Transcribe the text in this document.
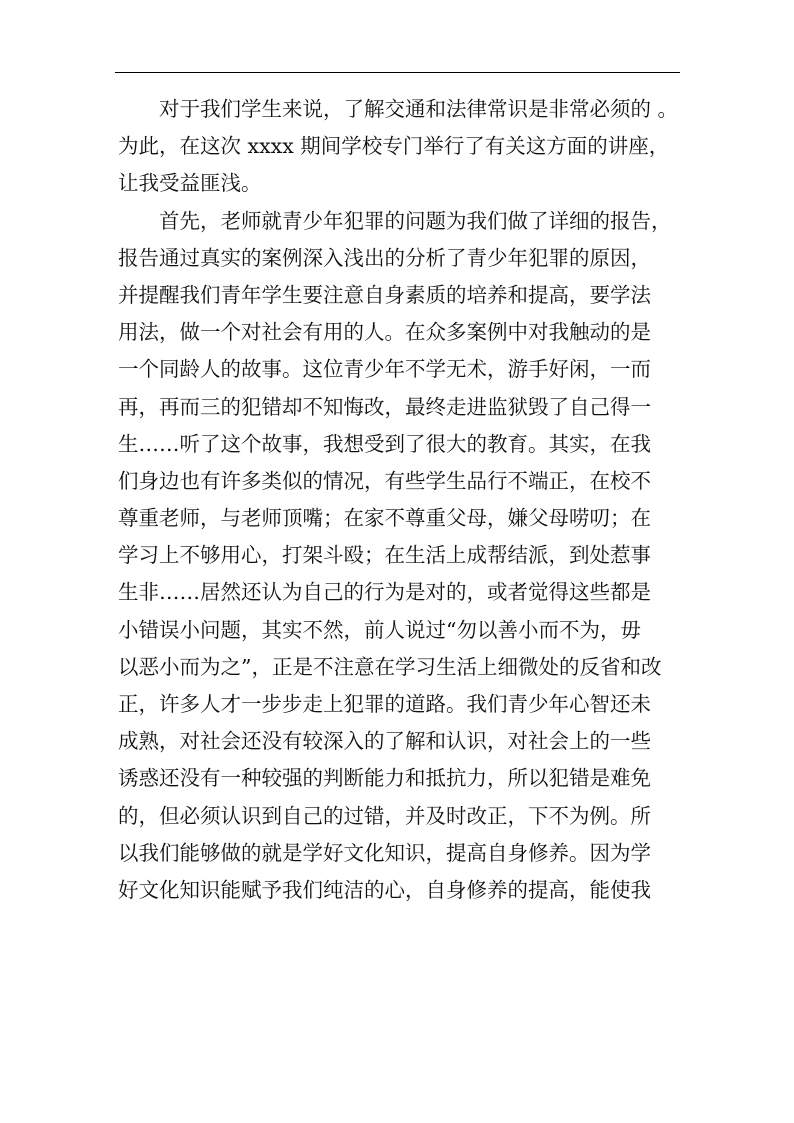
对于我们学生来说，了解交通和法律常识是非常必须的 。
为此，在这次 xxxx 期间学校专门举行了有关这方面的讲座，
让我受益匪浅。
首先，老师就青少年犯罪的问题为我们做了详细的报告，
报告通过真实的案例深入浅出的分析了青少年犯罪的原因，
并提醒我们青年学生要注意自身素质的培养和提高，要学法
用法，做一个对社会有用的人。在众多案例中对我触动的是
一个同龄人的故事。这位青少年不学无术，游手好闲，一而
再，再而三的犯错却不知悔改，最终走进监狱毁了自己得一
生……听了这个故事，我想受到了很大的教育。其实，在我
们身边也有许多类似的情况，有些学生品行不端正，在校不
尊重老师，与老师顶嘴；在家不尊重父母，嫌父母唠叨；在
学习上不够用心，打架斗殴；在生活上成帮结派，到处惹事
生非……居然还认为自己的行为是对的，或者觉得这些都是
小错误小问题，其实不然，前人说过“勿以善小而不为，毋
以恶小而为之”，正是不注意在学习生活上细微处的反省和改
正，许多人才一步步走上犯罪的道路。我们青少年心智还未
成熟，对社会还没有较深入的了解和认识，对社会上的一些
诱惑还没有一种较强的判断能力和抵抗力，所以犯错是难免
的，但必须认识到自己的过错，并及时改正，下不为例。所
以我们能够做的就是学好文化知识，提高自身修养。因为学
好文化知识能赋予我们纯洁的心，自身修养的提高，能使我
